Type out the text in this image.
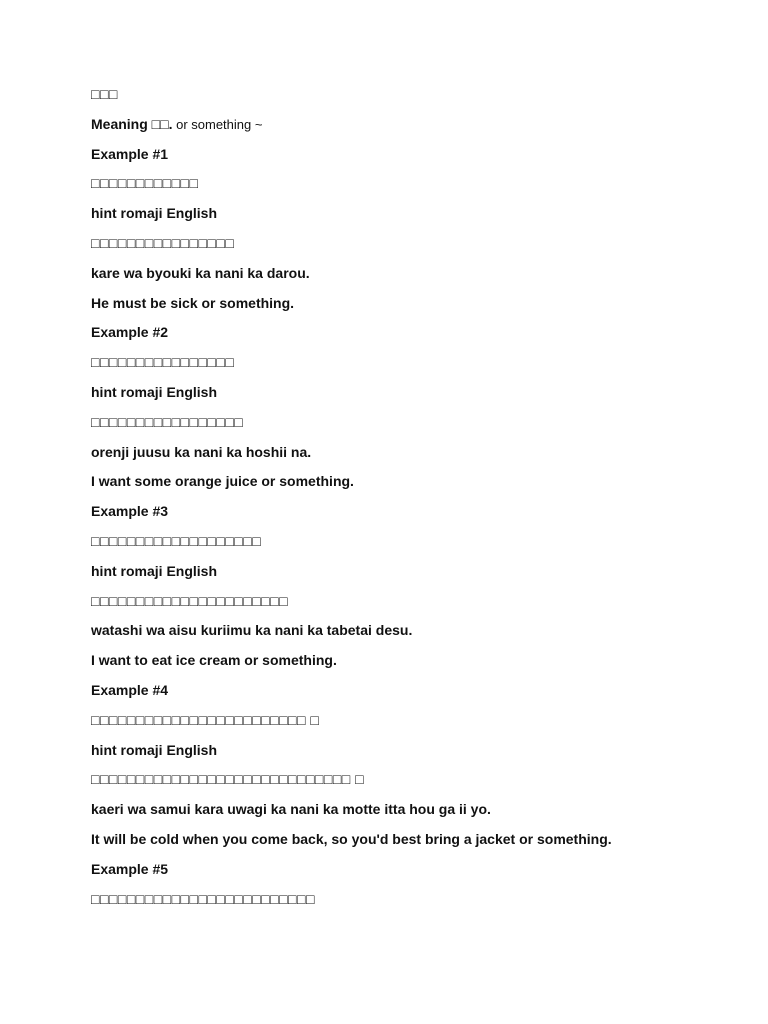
□□□
Meaning □□. or something ~
Example #1
□□□□□□□□□□□□
hint romaji English
□□□□□□□□□□□□□□□□
kare wa byouki ka nani ka darou.
He must be sick or something.
Example #2
□□□□□□□□□□□□□□□□
hint romaji English
□□□□□□□□□□□□□□□□□
orenji juusu ka nani ka hoshii na.
I want some orange juice or something.
Example #3
□□□□□□□□□□□□□□□□□□□
hint romaji English
□□□□□□□□□□□□□□□□□□□□□□
watashi wa aisu kuriimu ka nani ka tabetai desu.
I want to eat ice cream or something.
Example #4
□□□□□□□□□□□□□□□□□□□□□□□□ □
hint romaji English
□□□□□□□□□□□□□□□□□□□□□□□□□□□□□ □
kaeri wa samui kara uwagi ka nani ka motte itta hou ga ii yo.
It will be cold when you come back, so you'd best bring a jacket or something.
Example #5
□□□□□□□□□□□□□□□□□□□□□□□□□
